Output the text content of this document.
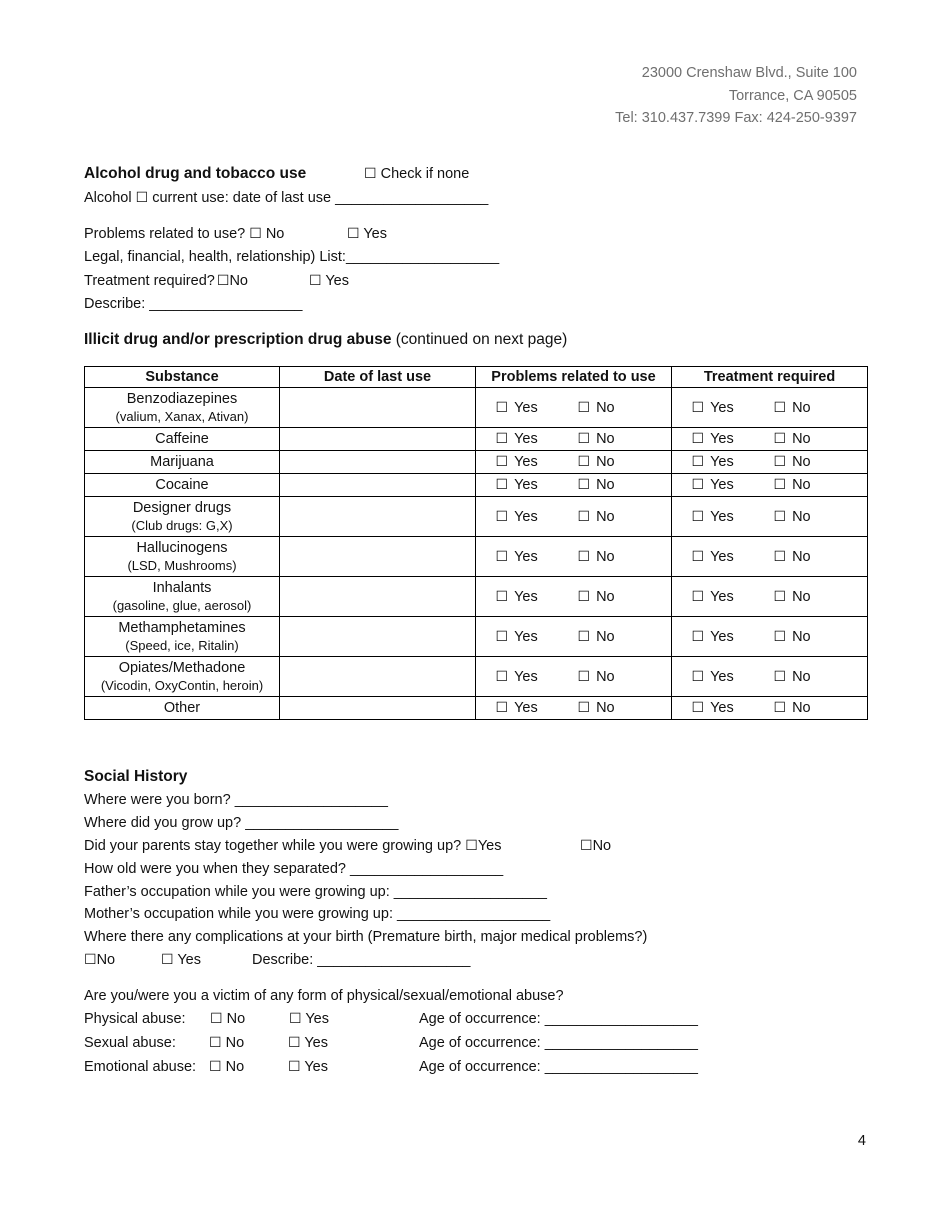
23000 Crenshaw Blvd., Suite 100
Torrance, CA 90505
Tel: 310.437.7399 Fax: 424-250-9397
Alcohol drug and tobacco use	☐ Check if none
Alcohol ☐ current use: date of last use ___________________
Problems related to use? ☐ No	☐ Yes
Legal, financial, health, relationship) List:___________________
Treatment required? ☐No	☐ Yes
Describe: ___________________
Illicit drug and/or prescription drug abuse (continued on next page)
Substance	Date of last use	Problems related to use	Treatment required

Benzodiazepines
(valium, Xanax, Ativan)		☐ Yes ☐ No	☐ Yes ☐ No

Caffeine		☐ Yes ☐ No	☐ Yes ☐ No

Marijuana		☐ Yes ☐ No	☐ Yes ☐ No

Cocaine		☐ Yes ☐ No	☐ Yes ☐ No

Designer drugs
(Club drugs: G,X)		☐ Yes ☐ No	☐ Yes ☐ No

Hallucinogens
(LSD, Mushrooms)		☐ Yes ☐ No	☐ Yes ☐ No

Inhalants
(gasoline, glue, aerosol)		☐ Yes ☐ No	☐ Yes ☐ No

Methamphetamines
(Speed, ice, Ritalin)		☐ Yes ☐ No	☐ Yes ☐ No

Opiates/Methadone
(Vicodin, OxyContin, heroin)		☐ Yes ☐ No	☐ Yes ☐ No

Other		☐ Yes ☐ No	☐ Yes ☐ No
Social History
Where were you born? ___________________
Where did you grow up? ___________________
Did your parents stay together while you were growing up? ☐Yes	☐No
How old were you when they separated? ___________________
Father’s occupation while you were growing up: ___________________
Mother’s occupation while you were growing up: ___________________
Where there any complications at your birth (Premature birth, major medical problems?)
☐No	☐ Yes	Describe: ___________________
Are you/were you a victim of any form of physical/sexual/emotional abuse?
Physical abuse: ☐ No	☐ Yes	Age of occurrence: ___________________
Sexual abuse: ☐ No	☐ Yes	Age of occurrence: ___________________
Emotional abuse: ☐ No	☐ Yes	Age of occurrence: ___________________
4
